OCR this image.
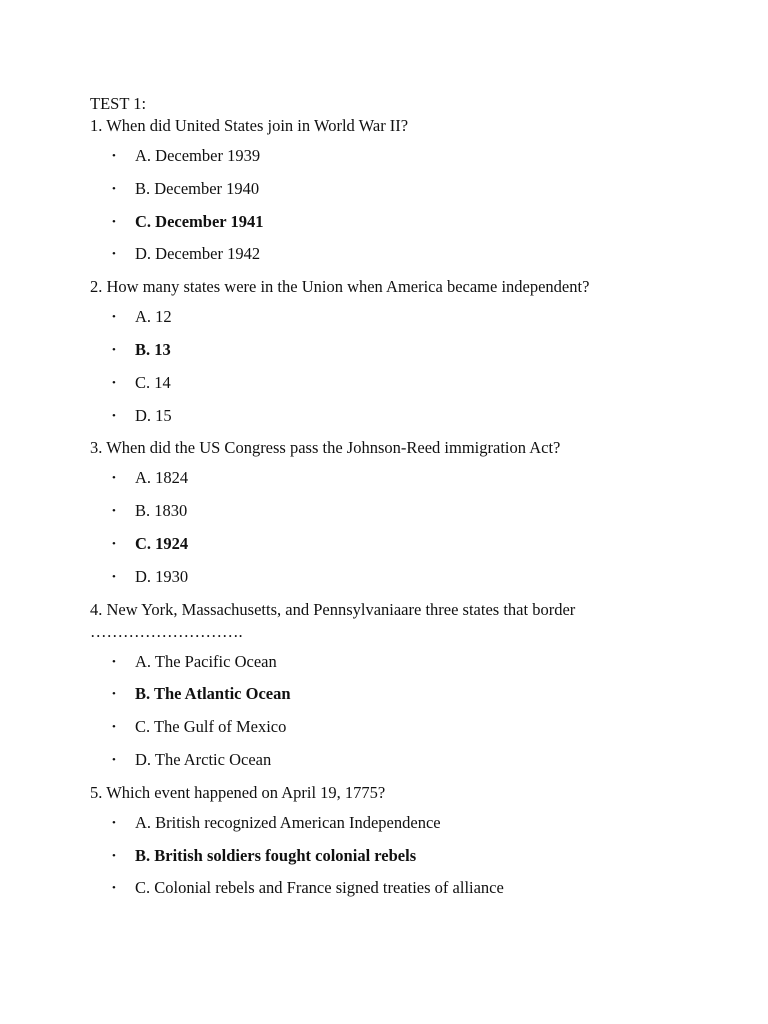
TEST 1:

1. When did United States join in World War II?

• A. December 1939
• B. December 1940
• C. December 1941
• D. December 1942

2. How many states were in the Union when America became independent?

• A. 12
• B. 13
• C. 14
• D. 15

3. When did the US Congress pass the Johnson-Reed immigration Act?

• A. 1824
• B. 1830
• C. 1924
• D. 1930

4. New York, Massachusetts, and Pennsylvaniaare three states that border ……………………….

• A. The Pacific Ocean
• B. The Atlantic Ocean
• C. The Gulf of Mexico
• D. The Arctic Ocean

5. Which event happened on April 19, 1775?

• A. British recognized American Independence
• B. British soldiers fought colonial rebels
• C. Colonial rebels and France signed treaties of alliance
